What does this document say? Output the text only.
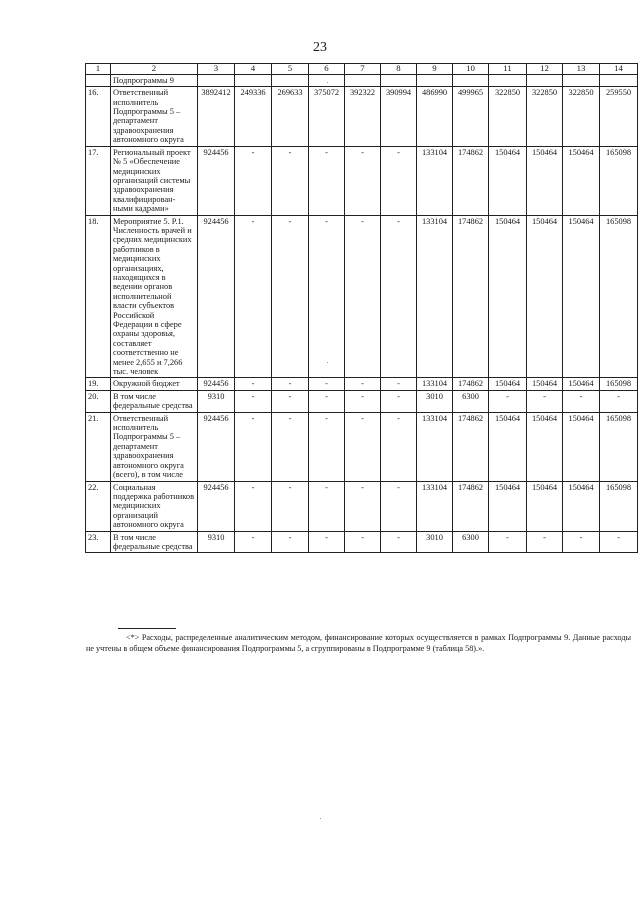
23
1	2	3	4	5	6	7	8	9	10	11	12	13	14
	Подпрограммы 9												
16.	Ответственный исполнитель Подпрограммы 5 – департамент здравоохранения автономного округа	3892412	249336	269633	375072	392322	390994	486990	499965	322850	322850	322850	259550
17.	Региональный проект № 5 «Обеспечение медицинских организаций системы здравоохранения квалифицирован-ными кадрами»	924456	-	-	-	-	-	133104	174862	150464	150464	150464	165098
18.	Мероприятие 5. Р.1. Численность врачей и средних медицинских работников в медицинских организациях, находящихся в ведении органов исполнительной власти субъектов Российской Федерации в сфере охраны здоровья, составляет соответственно не менее 2,655 и 7,266 тыс. человек	924456	-	-	-	-	-	133104	174862	150464	150464	150464	165098
19.	Окружной бюджет	924456	-	-	-	-	-	133104	174862	150464	150464	150464	165098
20.	В том числе федеральные средства	9310	-	-	-	-	-	3010	6300	-	-	-	-
21.	Ответственный исполнитель Подпрограммы 5 – департамент здравоохранения автономного округа (всего), в том числе	924456	-	-	-	-	-	133104	174862	150464	150464	150464	165098
22.	Социальная поддержка работников медицинских организаций автономного округа	924456	-	-	-	-	-	133104	174862	150464	150464	150464	165098
23.	В том числе федеральные средства	9310	-	-	-	-	-	3010	6300	-	-	-	-
<*> Расходы, распределенные аналитическим методом, финансирование которых осуществляется в рамках Подпрограммы 9. Данные расходы не учтены в общем объеме финансирования Подпрограммы 5, а сгруппированы в Подпрограмме 9 (таблица 58).».
